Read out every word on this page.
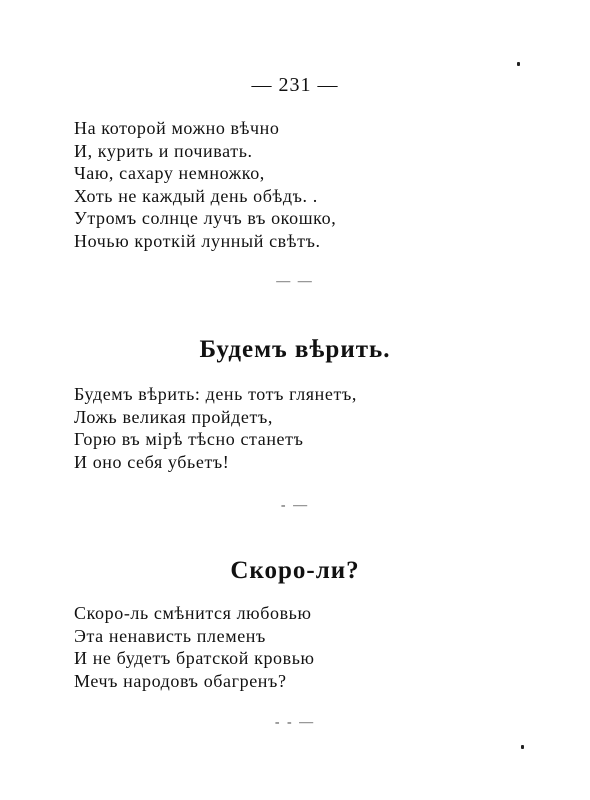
— 231 —
На которой можно вѣчно
И, курить и почивать.
Чаю, сахару немножко,
Хоть не каждый день обѣдъ. .
Утромъ солнце лучъ въ окошко,
Ночью кроткій лунный свѣтъ.
— —
Будемъ вѣрить.
Будемъ вѣрить: день тотъ глянетъ,
Ложь великая пройдетъ,
Горю въ мірѣ тѣсно станетъ
И оно себя убьетъ!
- —
Скоро-ли?
Скоро-ль смѣнится любовью
Эта ненависть племенъ
И не будетъ братской кровью
Мечъ народовъ обагренъ?
- - —
